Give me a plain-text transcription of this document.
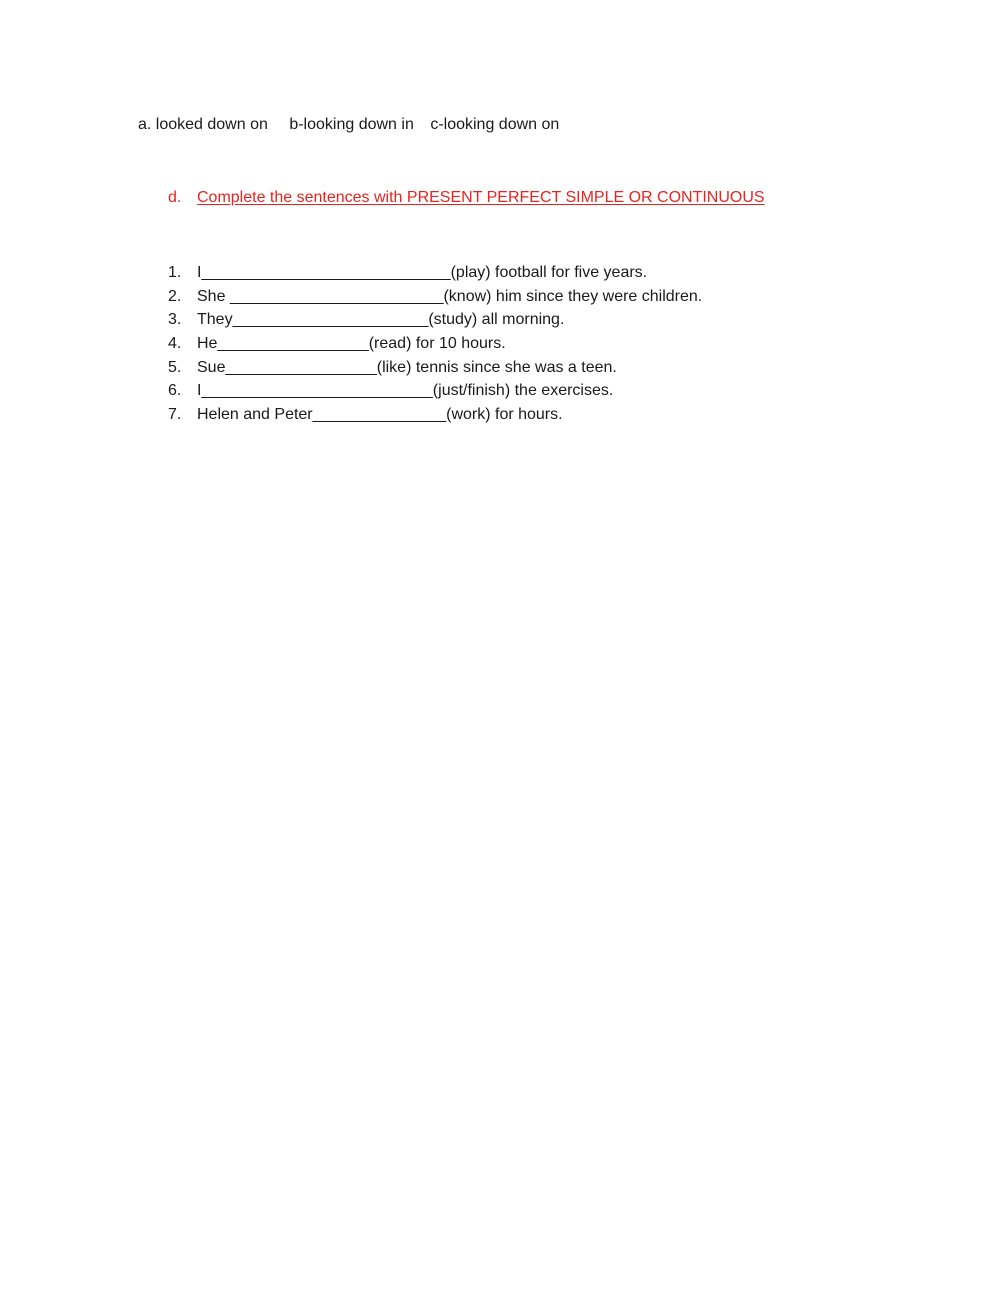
a. looked down on b-looking down in c-looking down on
d. Complete the sentences with PRESENT PERFECT SIMPLE OR CONTINUOUS
1. I____________________________(play) football for five years.
2. She ________________________(know) him since they were children.
3. They______________________(study) all morning.
4. He_________________(read) for 10 hours.
5. Sue_________________(like) tennis since she was a teen.
6. I__________________________(just/finish) the exercises.
7. Helen and Peter_______________(work) for hours.
